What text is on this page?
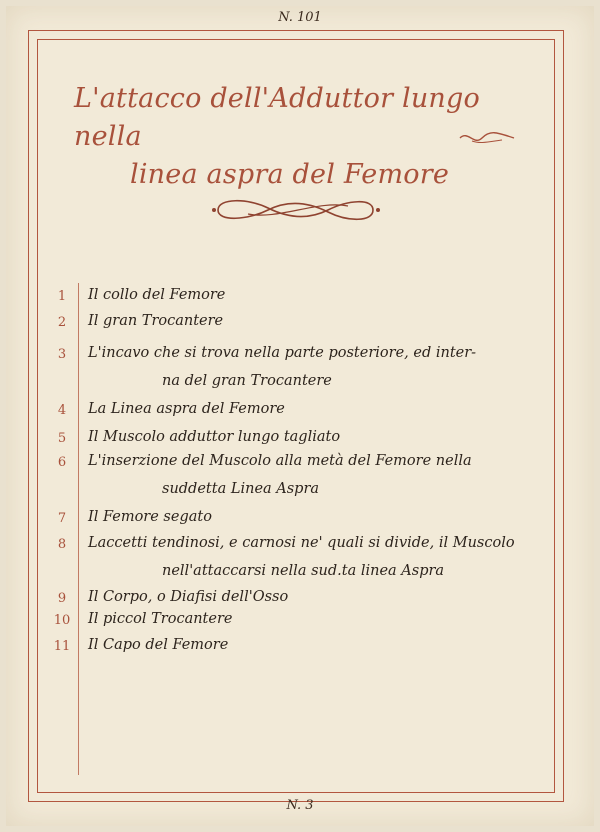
N. 101
L'attacco dell'Adduttor lungo nella
linea aspra del Femore
1	Il collo del Femore
2	Il gran Trocantere
3	L'incavo che si trova nella parte posteriore, ed inter-
na del gran Trocantere
4	La Linea aspra del Femore
5	Il Muscolo adduttor lungo tagliato
6	L'inserzione del Muscolo alla metà del Femore nella
suddetta Linea Aspra
7	Il Femore segato
8	Laccetti tendinosi, e carnosi ne' quali si divide, il Muscolo
nell'attaccarsi nella sud.ta linea Aspra
9	Il Corpo, o Diafisi dell'Osso
10 Il piccol Trocantere
11 Il Capo del Femore
N. 3
